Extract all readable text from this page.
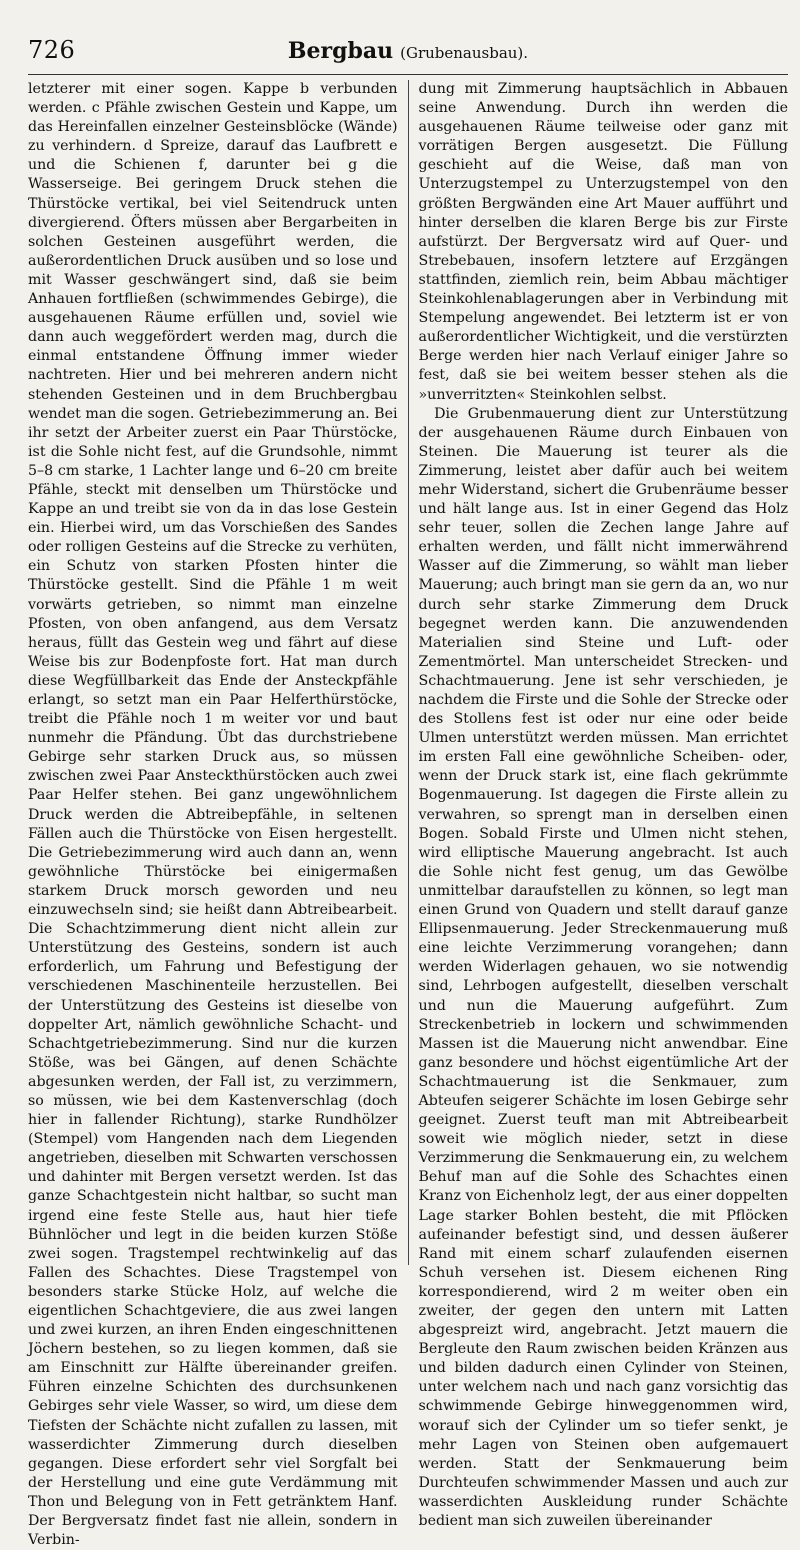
726	Bergbau (Grubenausbau).

letzterer mit einer sogen. Kappe b verbunden werden. c Pfähle zwischen Gestein und Kappe, um das Hereinfallen einzelner Gesteinsblöcke (Wände) zu verhindern. d Spreize, darauf das Laufbrett e und die Schienen f, darunter bei g die Wasserseige. Bei geringem Druck stehen die Thürstöcke vertikal, bei viel Seitendruck unten divergierend. Öfters müssen aber Bergarbeiten in solchen Gesteinen ausgeführt werden, die außerordentlichen Druck ausüben und so lose und mit Wasser geschwängert sind, daß sie beim Anhauen fortfließen (schwimmendes Gebirge), die ausgehauenen Räume erfüllen und, soviel wie dann auch weggefördert werden mag, durch die einmal entstandene Öffnung immer wieder nachtreten. Hier und bei mehreren andern nicht stehenden Gesteinen und in dem Bruchbergbau wendet man die sogen. Getriebezimmerung an. Bei ihr setzt der Arbeiter zuerst ein Paar Thürstöcke, ist die Sohle nicht fest, auf die Grundsohle, nimmt 5–8 cm starke, 1 Lachter lange und 6–20 cm breite Pfähle, steckt mit denselben um Thürstöcke und Kappe an und treibt sie von da in das lose Gestein ein. Hierbei wird, um das Vorschießen des Sandes oder rolligen Gesteins auf die Strecke zu verhüten, ein Schutz von starken Pfosten hinter die Thürstöcke gestellt. Sind die Pfähle 1 m weit vorwärts getrieben, so nimmt man einzelne Pfosten, von oben anfangend, aus dem Versatz heraus, füllt das Gestein weg und fährt auf diese Weise bis zur Bodenpfoste fort. Hat man durch diese Wegfüllbarkeit das Ende der Ansteckpfähle erlangt, so setzt man ein Paar Helferthürstöcke, treibt die Pfähle noch 1 m weiter vor und baut nunmehr die Pfändung. Übt das durchstriebene Gebirge sehr starken Druck aus, so müssen zwischen zwei Paar Ansteckthürstöcken auch zwei Paar Helfer stehen. Bei ganz ungewöhnlichem Druck werden die Abtreibepfähle, in seltenen Fällen auch die Thürstöcke von Eisen hergestellt. Die Getriebezimmerung wird auch dann an, wenn gewöhnliche Thürstöcke bei einigermaßen starkem Druck morsch geworden und neu einzuwechseln sind; sie heißt dann Abtreibearbeit. Die Schachtzimmerung dient nicht allein zur Unterstützung des Gesteins, sondern ist auch erforderlich, um Fahrung und Befestigung der verschiedenen Maschinenteile herzustellen. Bei der Unterstützung des Gesteins ist dieselbe von doppelter Art, nämlich gewöhnliche Schacht- und Schachtgetriebezimmerung. Sind nur die kurzen Stöße, was bei Gängen, auf denen Schächte abgesunken werden, der Fall ist, zu verzimmern, so müssen, wie bei dem Kastenverschlag (doch hier in fallender Richtung), starke Rundhölzer (Stempel) vom Hangenden nach dem Liegenden angetrieben, dieselben mit Schwarten verschossen und dahinter mit Bergen versetzt werden. Ist das ganze Schachtgestein nicht haltbar, so sucht man irgend eine feste Stelle aus, haut hier tiefe Bühnlöcher und legt in die beiden kurzen Stöße zwei sogen. Tragstempel rechtwinkelig auf das Fallen des Schachtes. Diese Tragstempel von besonders starke Stücke Holz, auf welche die eigentlichen Schachtgeviere, die aus zwei langen und zwei kurzen, an ihren Enden eingeschnittenen Jöchern bestehen, so zu liegen kommen, daß sie am Einschnitt zur Hälfte übereinander greifen. Führen einzelne Schichten des durchsunkenen Gebirges sehr viele Wasser, so wird, um diese dem Tiefsten der Schächte nicht zufallen zu lassen, mit wasserdichter Zimmerung durch dieselben gegangen. Diese erfordert sehr viel Sorgfalt bei der Herstellung und eine gute Verdämmung mit Thon und Belegung von in Fett getränktem Hanf. Der Bergversatz findet fast nie allein, sondern in Verbin-

dung mit Zimmerung hauptsächlich in Abbauen seine Anwendung. Durch ihn werden die ausgehauenen Räume teilweise oder ganz mit vorrätigen Bergen ausgesetzt. Die Füllung geschieht auf die Weise, daß man von Unterzugstempel zu Unterzugstempel von den größten Bergwänden eine Art Mauer aufführt und hinter derselben die klaren Berge bis zur Firste aufstürzt. Der Bergversatz wird auf Quer- und Strebebauen, insofern letztere auf Erzgängen stattfinden, ziemlich rein, beim Abbau mächtiger Steinkohlenablagerungen aber in Verbindung mit Stempelung angewendet. Bei letzterm ist er von außerordentlicher Wichtigkeit, und die verstürzten Berge werden hier nach Verlauf einiger Jahre so fest, daß sie bei weitem besser stehen als die »unverritzten« Steinkohlen selbst.

Die Grubenmauerung dient zur Unterstützung der ausgehauenen Räume durch Einbauen von Steinen. Die Mauerung ist teurer als die Zimmerung, leistet aber dafür auch bei weitem mehr Widerstand, sichert die Grubenräume besser und hält lange aus. Ist in einer Gegend das Holz sehr teuer, sollen die Zechen lange Jahre auf erhalten werden, und fällt nicht immerwährend Wasser auf die Zimmerung, so wählt man lieber Mauerung; auch bringt man sie gern da an, wo nur durch sehr starke Zimmerung dem Druck begegnet werden kann. Die anzuwendenden Materialien sind Steine und Luft- oder Zementmörtel. Man unterscheidet Strecken- und Schachtmauerung. Jene ist sehr verschieden, je nachdem die Firste und die Sohle der Strecke oder des Stollens fest ist oder nur eine oder beide Ulmen unterstützt werden müssen. Man errichtet im ersten Fall eine gewöhnliche Scheiben- oder, wenn der Druck stark ist, eine flach gekrümmte Bogenmauerung. Ist dagegen die Firste allein zu verwahren, so sprengt man in derselben einen Bogen. Sobald Firste und Ulmen nicht stehen, wird elliptische Mauerung angebracht. Ist auch die Sohle nicht fest genug, um das Gewölbe unmittelbar daraufstellen zu können, so legt man einen Grund von Quadern und stellt darauf ganze Ellipsenmauerung. Jeder Streckenmauerung muß eine leichte Verzimmerung vorangehen; dann werden Widerlagen gehauen, wo sie notwendig sind, Lehrbogen aufgestellt, dieselben verschalt und nun die Mauerung aufgeführt. Zum Streckenbetrieb in lockern und schwimmenden Massen ist die Mauerung nicht anwendbar. Eine ganz besondere und höchst eigentümliche Art der Schachtmauerung ist die Senkmauer, zum Abteufen seigerer Schächte im losen Gebirge sehr geeignet. Zuerst teuft man mit Abtreibearbeit soweit wie möglich nieder, setzt in diese Verzimmerung die Senkmauerung ein, zu welchem Behuf man auf die Sohle des Schachtes einen Kranz von Eichenholz legt, der aus einer doppelten Lage starker Bohlen besteht, die mit Pflöcken aufeinander befestigt sind, und dessen äußerer Rand mit einem scharf zulaufenden eisernen Schuh versehen ist. Diesem eichenen Ring korrespondierend, wird 2 m weiter oben ein zweiter, der gegen den untern mit Latten abgespreizt wird, angebracht. Jetzt mauern die Bergleute den Raum zwischen beiden Kränzen aus und bilden dadurch einen Cylinder von Steinen, unter welchem nach und nach ganz vorsichtig das schwimmende Gebirge hinweggenommen wird, worauf sich der Cylinder um so tiefer senkt, je mehr Lagen von Steinen oben aufgemauert werden. Statt der Senkmauerung beim Durchteufen schwimmender Massen und auch zur wasserdichten Auskleidung runder Schächte bedient man sich zuweilen übereinander
